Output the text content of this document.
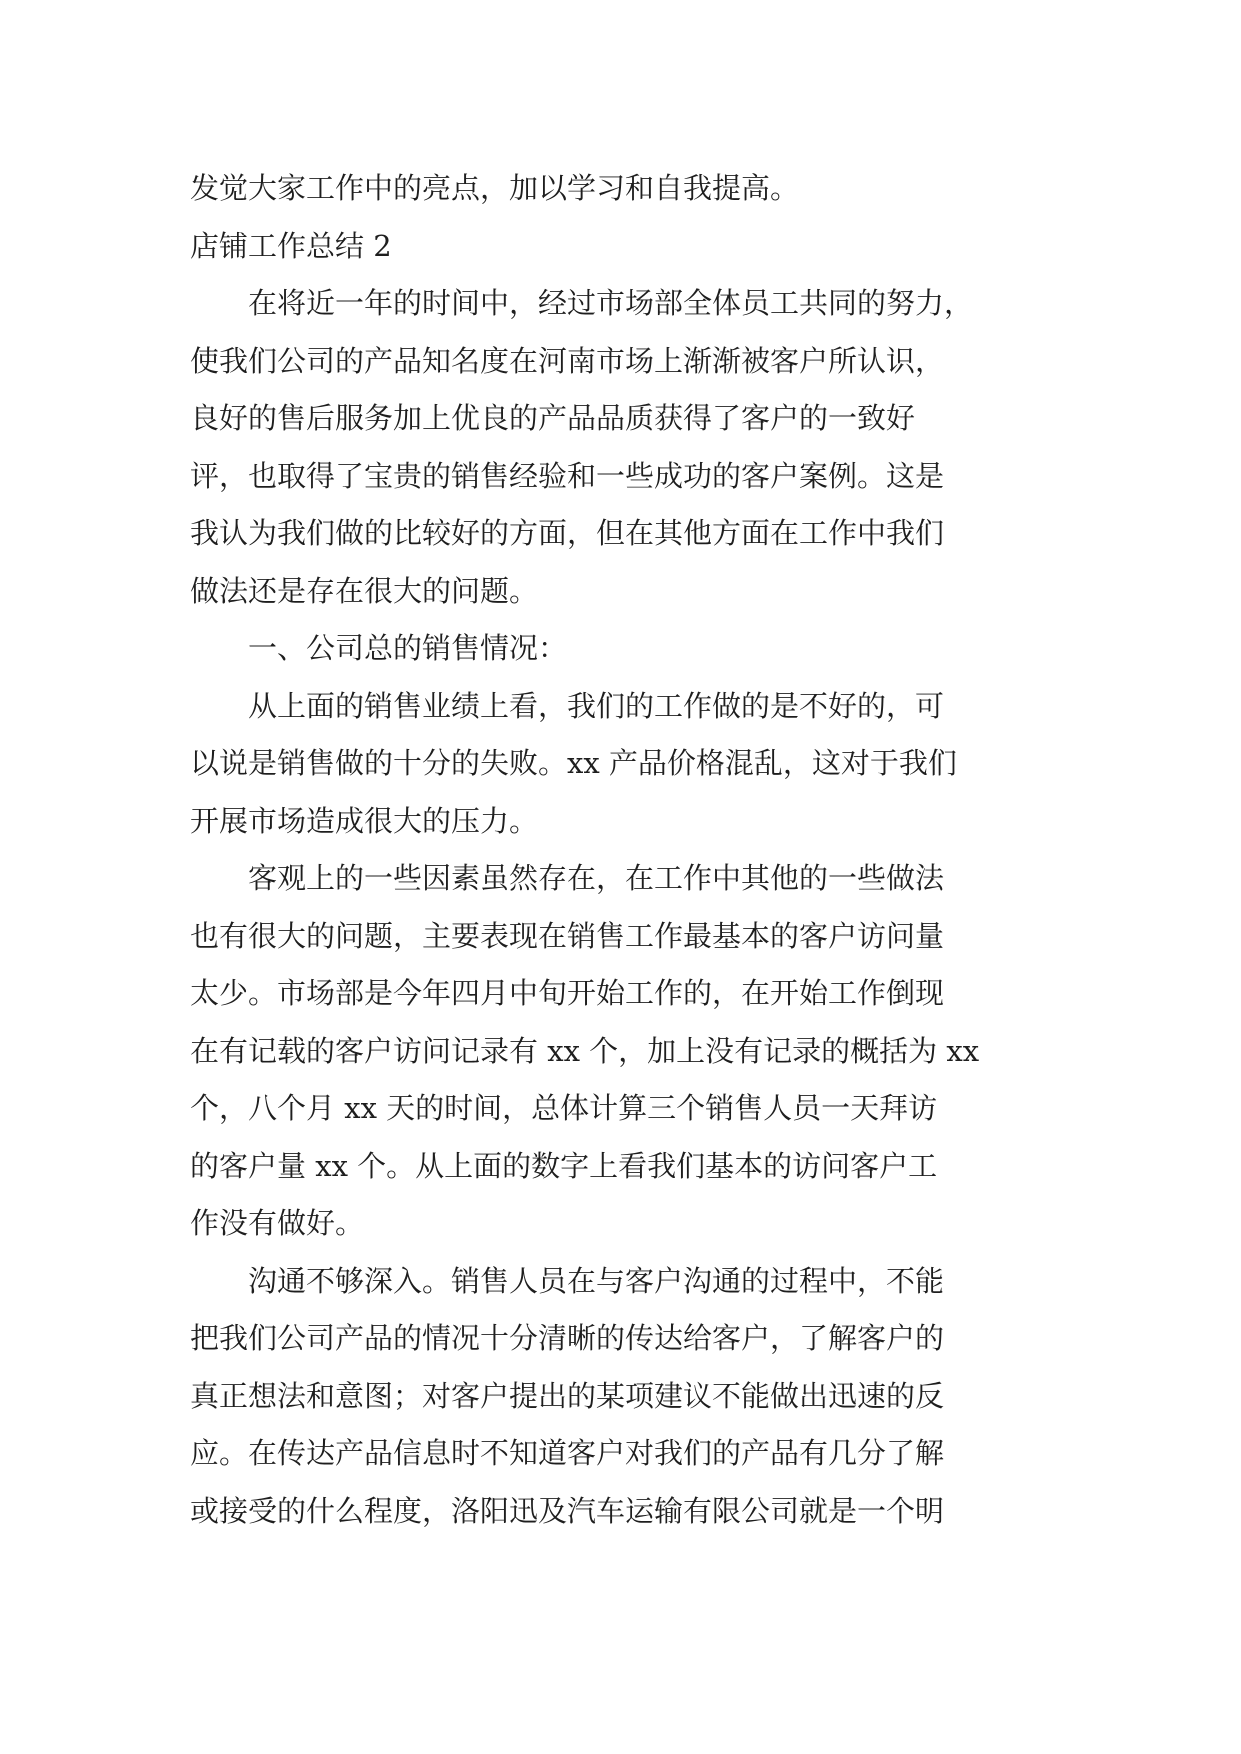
发觉大家工作中的亮点，加以学习和自我提高。
店铺工作总结 2
　　在将近一年的时间中，经过市场部全体员工共同的努力，
使我们公司的产品知名度在河南市场上渐渐被客户所认识，
良好的售后服务加上优良的产品品质获得了客户的一致好
评，也取得了宝贵的销售经验和一些成功的客户案例。这是
我认为我们做的比较好的方面，但在其他方面在工作中我们
做法还是存在很大的问题。
　　一、公司总的销售情况：
　　从上面的销售业绩上看，我们的工作做的是不好的，可
以说是销售做的十分的失败。xx 产品价格混乱，这对于我们
开展市场造成很大的压力。
　　客观上的一些因素虽然存在，在工作中其他的一些做法
也有很大的问题，主要表现在销售工作最基本的客户访问量
太少。市场部是今年四月中旬开始工作的，在开始工作倒现
在有记载的客户访问记录有 xx 个，加上没有记录的概括为 xx
个，八个月 xx 天的时间，总体计算三个销售人员一天拜访
的客户量 xx 个。从上面的数字上看我们基本的访问客户工
作没有做好。
　　沟通不够深入。销售人员在与客户沟通的过程中，不能
把我们公司产品的情况十分清晰的传达给客户，了解客户的
真正想法和意图；对客户提出的某项建议不能做出迅速的反
应。在传达产品信息时不知道客户对我们的产品有几分了解
或接受的什么程度，洛阳迅及汽车运输有限公司就是一个明
